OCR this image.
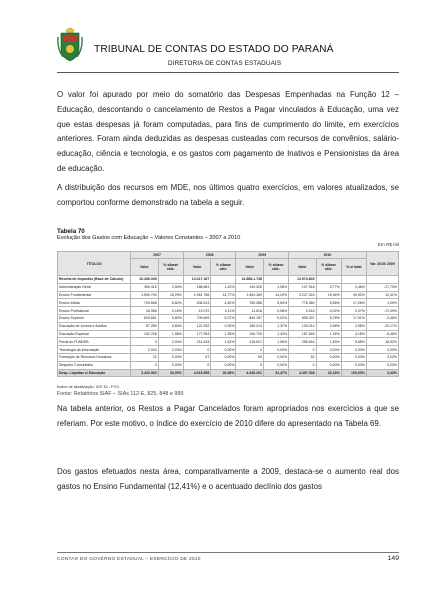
TRIBUNAL DE CONTAS DO ESTADO DO PARANÁ
DIRETORIA DE CONTAS ESTADUAIS

O valor foi apurado por meio do somatório das Despesas Empenhadas na Função 12 – Educação, descontando o cancelamento de Restos a Pagar vinculados à Educação, uma vez que estas despesas já foram computadas, para fins de cumprimento do limite, em exercícios anteriores. Foram ainda deduzidas as despesas custeadas com recursos de convênios, salário-educação, ciência e tecnologia, e os gastos com pagamento de Inativos e Pensionistas da área de educação.

A distribuição dos recursos em MDE, nos últimos quatro exercícios, em valores atualizados, se comportou conforme demonstrado na tabela a seguir.

Tabela 70
Evolução dos Gastos com Educação – Valores Constantes – 2007 a 2010
Em R$ mil
TÍTULOS	2007		2008		2009		2010			Var. 2010/ 2009
	Valor	% s/base cálc.	Valor	% s/base cálc.	Valor	% s/base cálc.	Valor	% s/base cálc.	% s/ total	
Receita de Impostos (Base de Cálculo)	10.406.349		13.217.167		13.688.1.738		13.974.603			
Administração Geral	350.416	2,50%	188.681	1,43%	149.326	1,08%	107.918	0,77%	2,46%	-27,73%
Ensino Fundamental	1.599.700	15,29%	1.951.756	14,77%	1.961.169	14,20%	2.227.024	15,94%	49,52%	12,41%
Ensino Médio	709.668	6,82%	636.513	4,82%	769.288	5,54%	776.360	5,56%	17,26%	1,05%
Ensino Profissional	16.986	0,16%	13.972	0,11%	11.618	0,08%	3.243	0,02%	0,07%	-72,09%
Ensino Superior	603.651	5,80%	709.699	5,37%	834.197	6,02%	805.337	5,76%	17,91%	-3,46%
Educação de Jovens e Adultos	87.289	0,84%	122.292	0,93%	189.213	1,37%	134.014	0,96%	2,98%	-29,17%
Educação Especial	162.226	1,56%	177.993	1,35%	196.726	1,43%	187.645	1,34%	4,18%	-5,46%
Perda do FUNDEB	0	0,00%	214.433	1,62%	215.621	1,56%	255.544	1,83%	5,68%	18,52%
Tecnologia da Informação	2.943	0,03%	0	0,00%	0	0,00%	0	0,00%	0,00%	0,00%
Formação de Recursos Humanos	22	0,00%	67	0,00%	50	0,00%	52	0,00%	0,00%	3,02%
Desporto Comunitário	0	0,00%	0	0,00%	0	0,00%	0	0,00%	0,00%	0,00%
Desp. Liquidas c/ Educação	3.433.902	33,00%	4.015.555	30,38%	4.348.201	31,37%	4.497.336	32,18%	100,00%	3,43%
Índice de atualização: IGP-DI - FGV.
Fonte: Relatórios SIAF – SIAs 112-E, 825, 848 e 999

Na tabela anterior, os Restos a Pagar Cancelados foram apropriados nos exercícios a que se referiam. Por este motivo, o índice do exercício de 2010 difere do apresentado na Tabela 69.

Dos gastos efetuados nesta área, comparativamente a 2009, destaca-se o aumento real dos gastos no Ensino Fundamental (12,41%) e o acentuado declínio dos gastos

CONTAS DO GOVERNO ESTADUAL – EXERCÍCIO DE 2010	149
